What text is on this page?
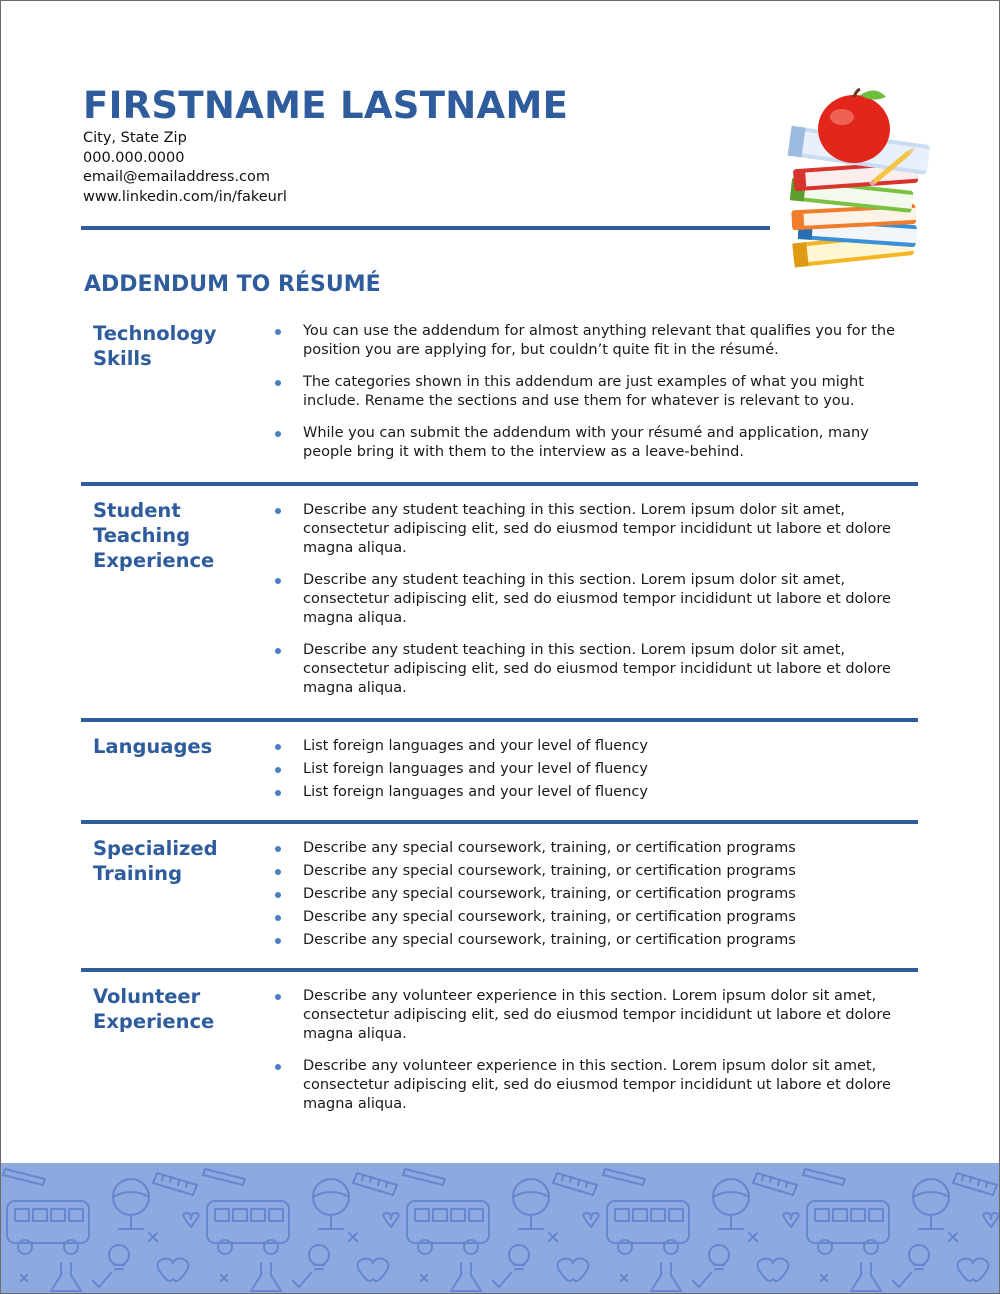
FIRSTNAME LASTNAME
City, State Zip
000.000.0000
email@emailaddress.com
www.linkedin.com/in/fakeurl
ADDENDUM TO RÉSUMÉ
Technology
Skills
You can use the addendum for almost anything relevant that qualifies you for the position you are applying for, but couldn’t quite fit in the résumé.
The categories shown in this addendum are just examples of what you might include. Rename the sections and use them for whatever is relevant to you.
While you can submit the addendum with your résumé and application, many people bring it with them to the interview as a leave-behind.
Student
Teaching
Experience
Describe any student teaching in this section. Lorem ipsum dolor sit amet, consectetur adipiscing elit, sed do eiusmod tempor incididunt ut labore et dolore magna aliqua.
Describe any student teaching in this section. Lorem ipsum dolor sit amet, consectetur adipiscing elit, sed do eiusmod tempor incididunt ut labore et dolore magna aliqua.
Describe any student teaching in this section. Lorem ipsum dolor sit amet, consectetur adipiscing elit, sed do eiusmod tempor incididunt ut labore et dolore magna aliqua.
Languages	List foreign languages and your level of fluency
List foreign languages and your level of fluency
List foreign languages and your level of fluency
Specialized
Training
Describe any special coursework, training, or certification programs
Describe any special coursework, training, or certification programs
Describe any special coursework, training, or certification programs
Describe any special coursework, training, or certification programs
Describe any special coursework, training, or certification programs
Volunteer
Experience
Describe any volunteer experience in this section. Lorem ipsum dolor sit amet, consectetur adipiscing elit, sed do eiusmod tempor incididunt ut labore et dolore magna aliqua.
Describe any volunteer experience in this section. Lorem ipsum dolor sit amet, consectetur adipiscing elit, sed do eiusmod tempor incididunt ut labore et dolore magna aliqua.
